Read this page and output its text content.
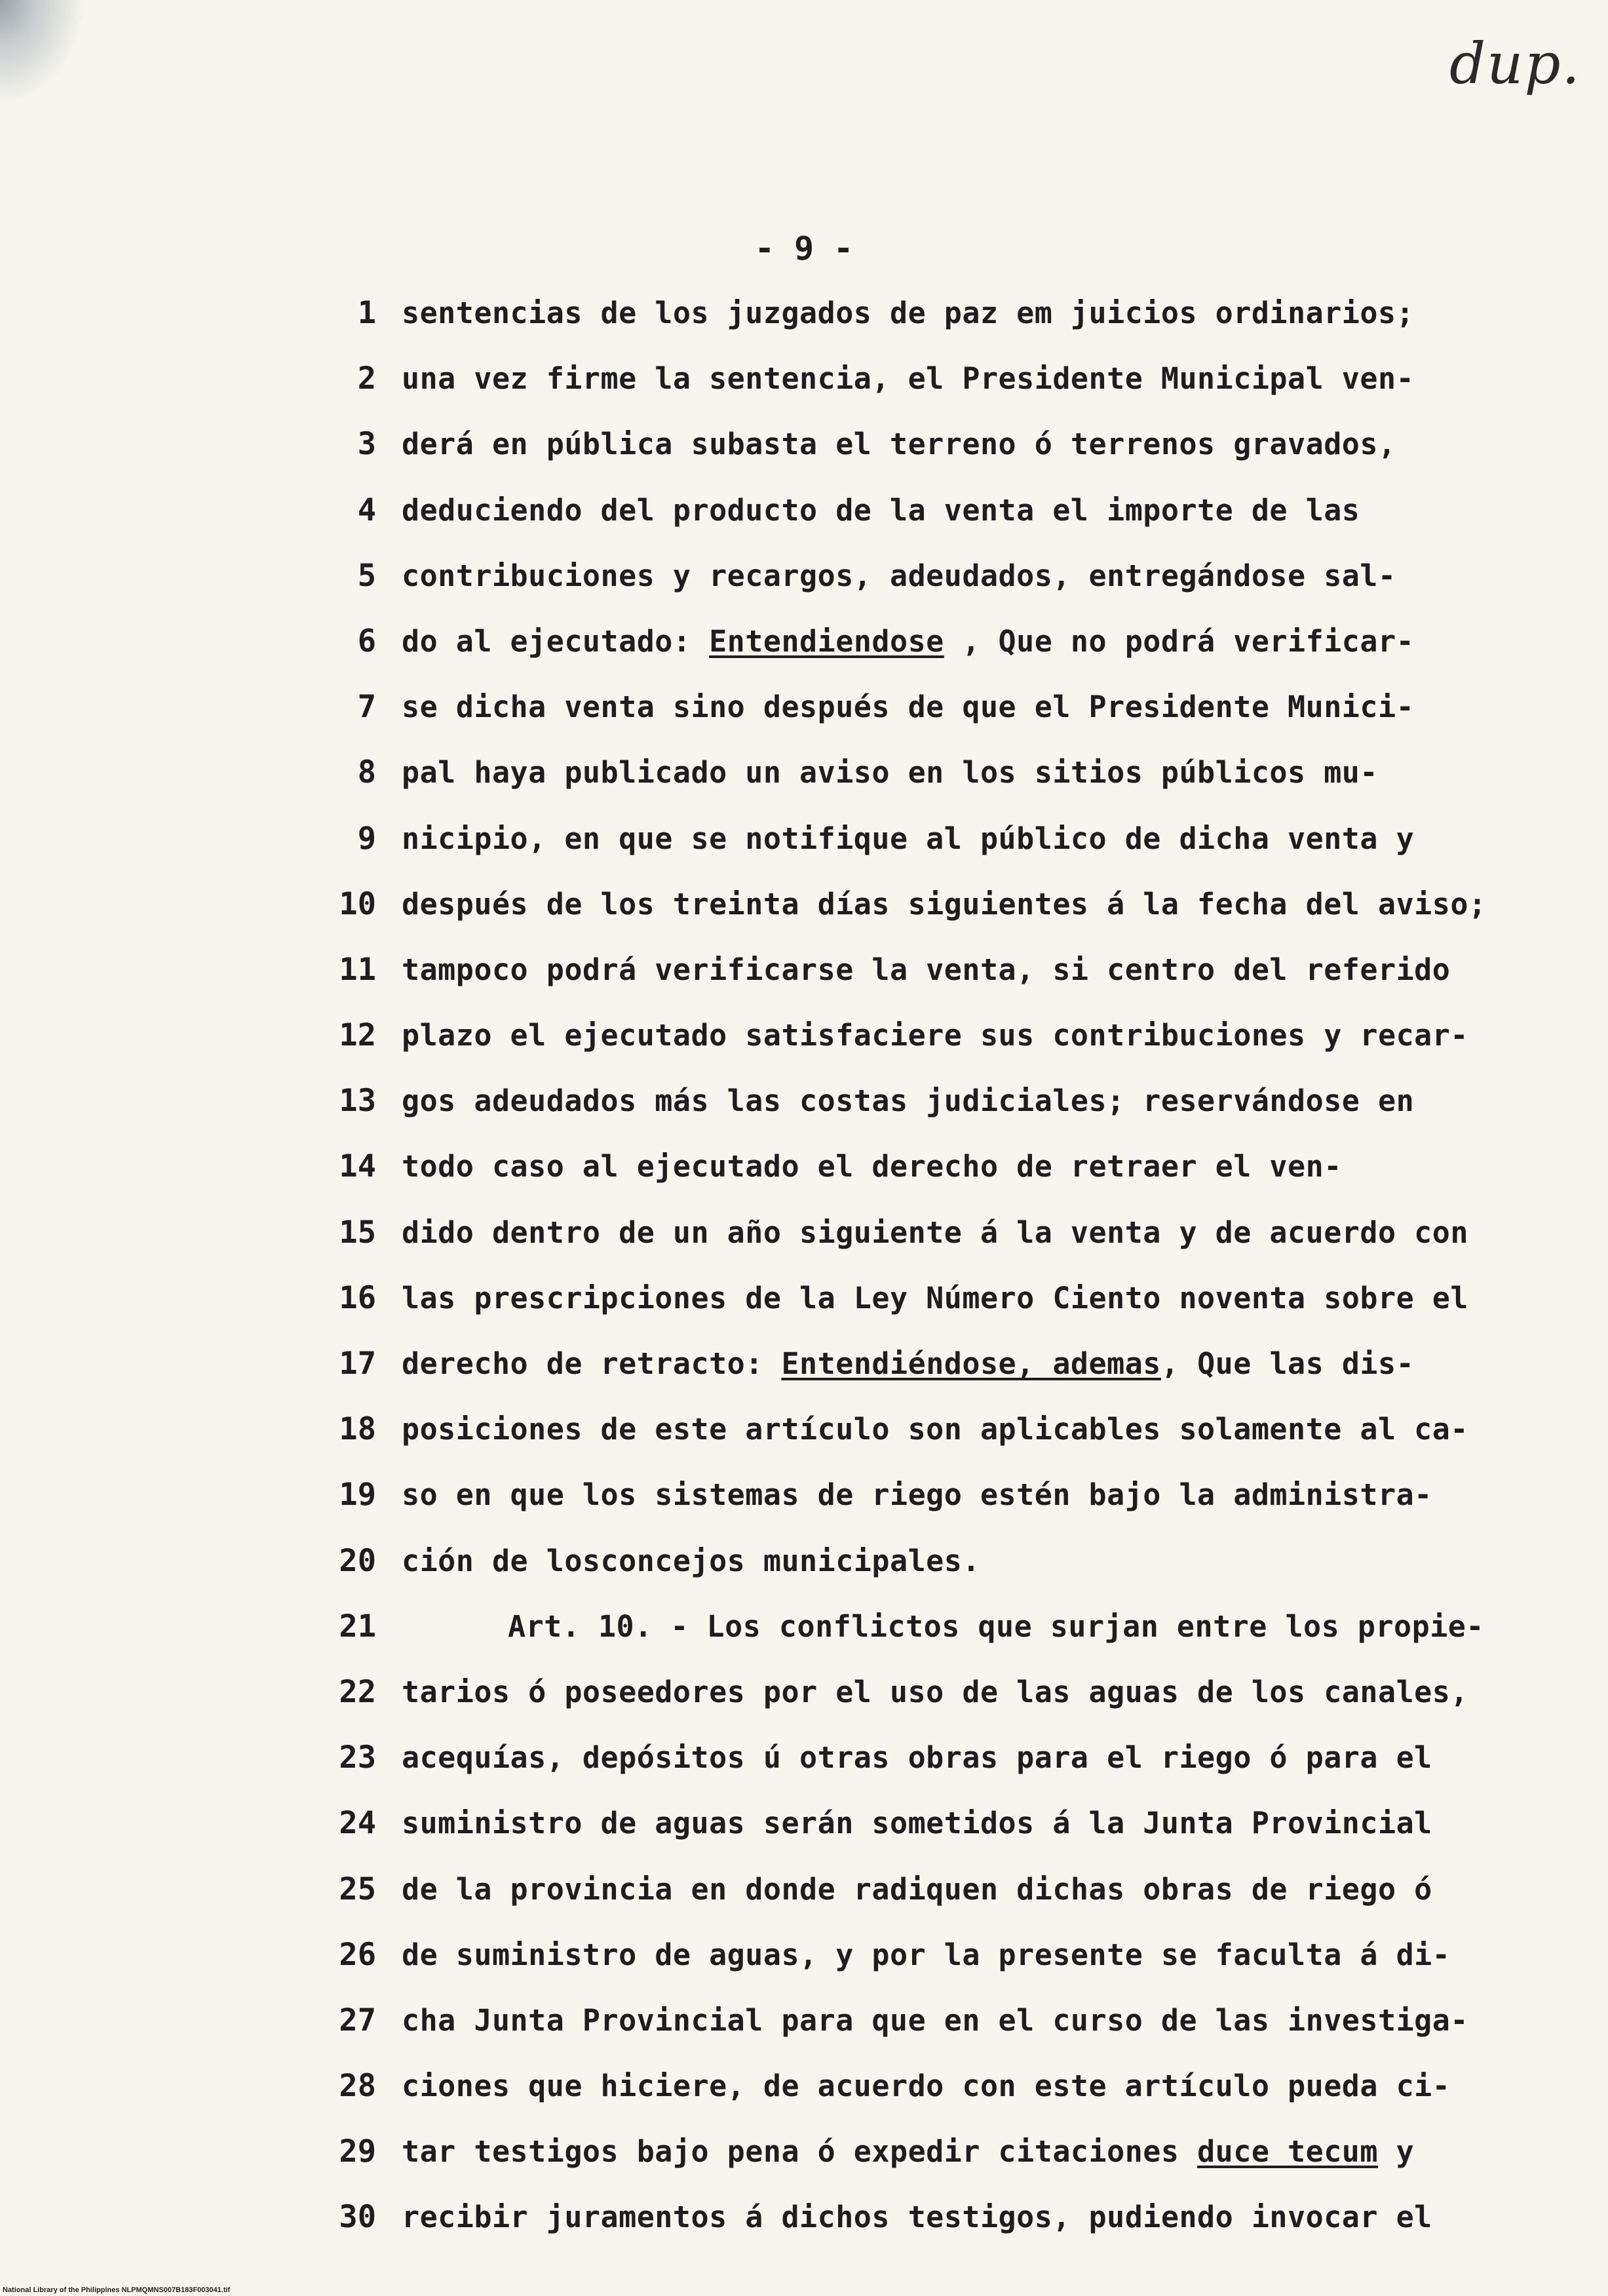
dup.
- 9 -
1 sentencias de los juzgados de paz em juicios ordinarios;
2 una vez firme la sentencia, el Presidente Municipal ven-
3 derá en pública subasta el terreno ó terrenos gravados,
4 deduciendo del producto de la venta el importe de las
5 contribuciones y recargos, adeudados, entregándose sal-
6 do al ejecutado: Entendiendose , Que no podrá verificar-
7 se dicha venta sino después de que el Presidente Munici-
8 pal haya publicado un aviso en los sitios públicos mu-
9 nicipio, en que se notifique al público de dicha venta y
10 después de los treinta días siguientes á la fecha del aviso;
11 tampoco podrá verificarse la venta, si centro del referido
12 plazo el ejecutado satisfaciere sus contribuciones y recar-
13 gos adeudados más las costas judiciales; reservándose en
14 todo caso al ejecutado el derecho de retraer el ven-
15 dido dentro de un año siguiente á la venta y de acuerdo con
16 las prescripciones de la Ley Número Ciento noventa sobre el
17 derecho de retracto: Entendiéndose, ademas, Que las dis-
18 posiciones de este artículo son aplicables solamente al ca-
19 so en que los sistemas de riego estén bajo la administra-
20 ción de losconcejos municipales.
21	Art. 10. - Los conflictos que surjan entre los propie-
22 tarios ó poseedores por el uso de las aguas de los canales,
23 acequías, depósitos ú otras obras para el riego ó para el
24 suministro de aguas serán sometidos á la Junta Provincial
25 de la provincia en donde radiquen dichas obras de riego ó
26 de suministro de aguas, y por la presente se faculta á di-
27 cha Junta Provincial para que en el curso de las investiga-
28 ciones que hiciere, de acuerdo con este artículo pueda ci-
29 tar testigos bajo pena ó expedir citaciones duce tecum y
30 recibir juramentos á dichos testigos, pudiendo invocar el
National Library of the Philippines NLPMQMNS007B183F003041.tif
